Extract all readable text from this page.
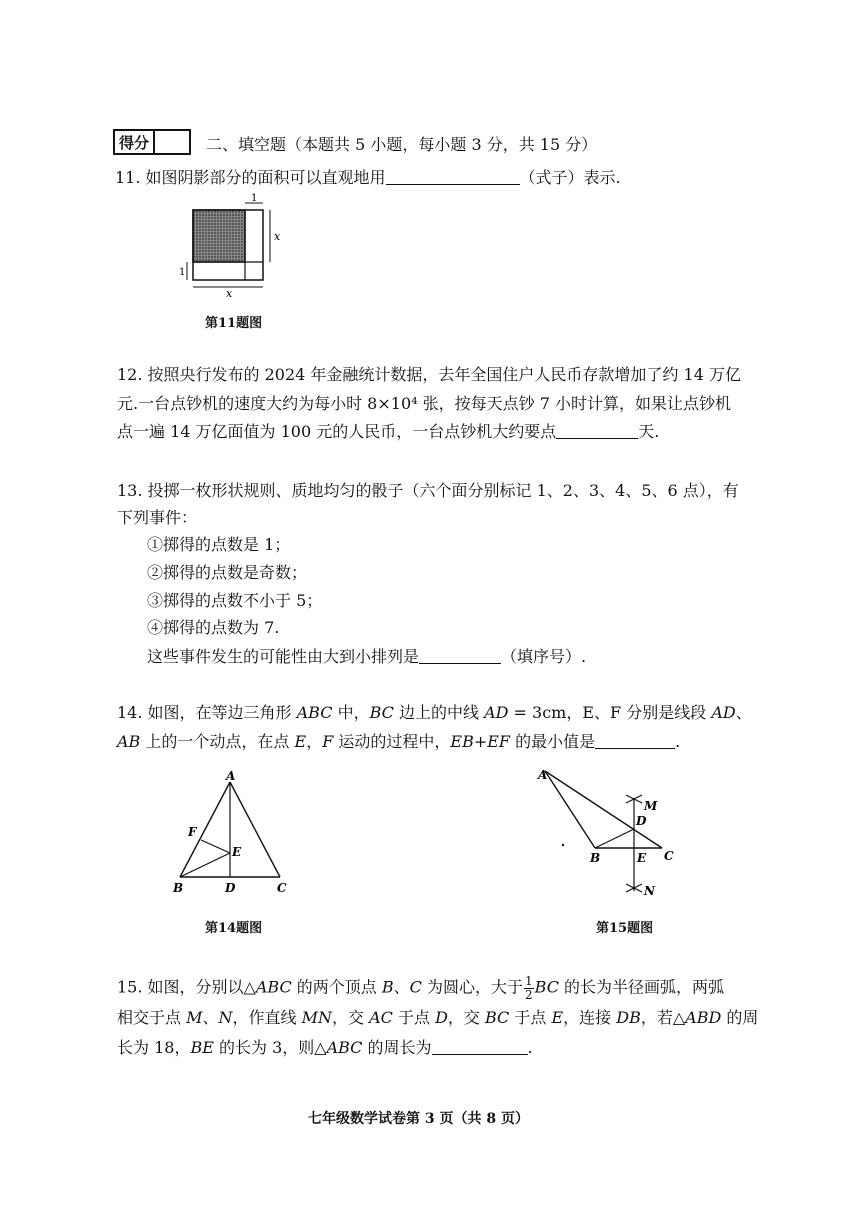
得分	二、填空题（本题共 5 小题，每小题 3 分，共 15 分）
11. 如图阴影部分的面积可以直观地用	（式子）表示.
1
x
1
x
第11题图
12. 按照央行发布的 2024 年金融统计数据，去年全国住户人民币存款增加了约 14 万亿
元.一台点钞机的速度大约为每小时 8×10⁴ 张，按每天点钞 7 小时计算，如果让点钞机
点一遍 14 万亿面值为 100 元的人民币，一台点钞机大约要点	天.
13. 投掷一枚形状规则、质地均匀的骰子（六个面分别标记 1、2、3、4、5、6 点），有
下列事件：
①掷得的点数是 1；
②掷得的点数是奇数；
③掷得的点数不小于 5；
④掷得的点数为 7.
这些事件发生的可能性由大到小排列是	（填序号）.
14. 如图，在等边三角形 ABC 中，BC 边上的中线 AD = 3cm，E、F 分别是线段 AD、
AB 上的一个动点，在点 E，F 运动的过程中，EB+EF 的最小值是	.
A
B	C
D
E
F
第14题图
A
B	C
D
E
M
N
第15题图
15. 如图，分别以△ABC 的两个顶点 B、C 为圆心，大于 $\frac{1}{2}$ BC 的长为半径画弧，两弧
相交于点 M、N，作直线 MN，交 AC 于点 D，交 BC 于点 E，连接 DB，若△ABD 的周
长为 18，BE 的长为 3，则△ABC 的周长为	.
七年级数学试卷第 3 页（共 8 页）
